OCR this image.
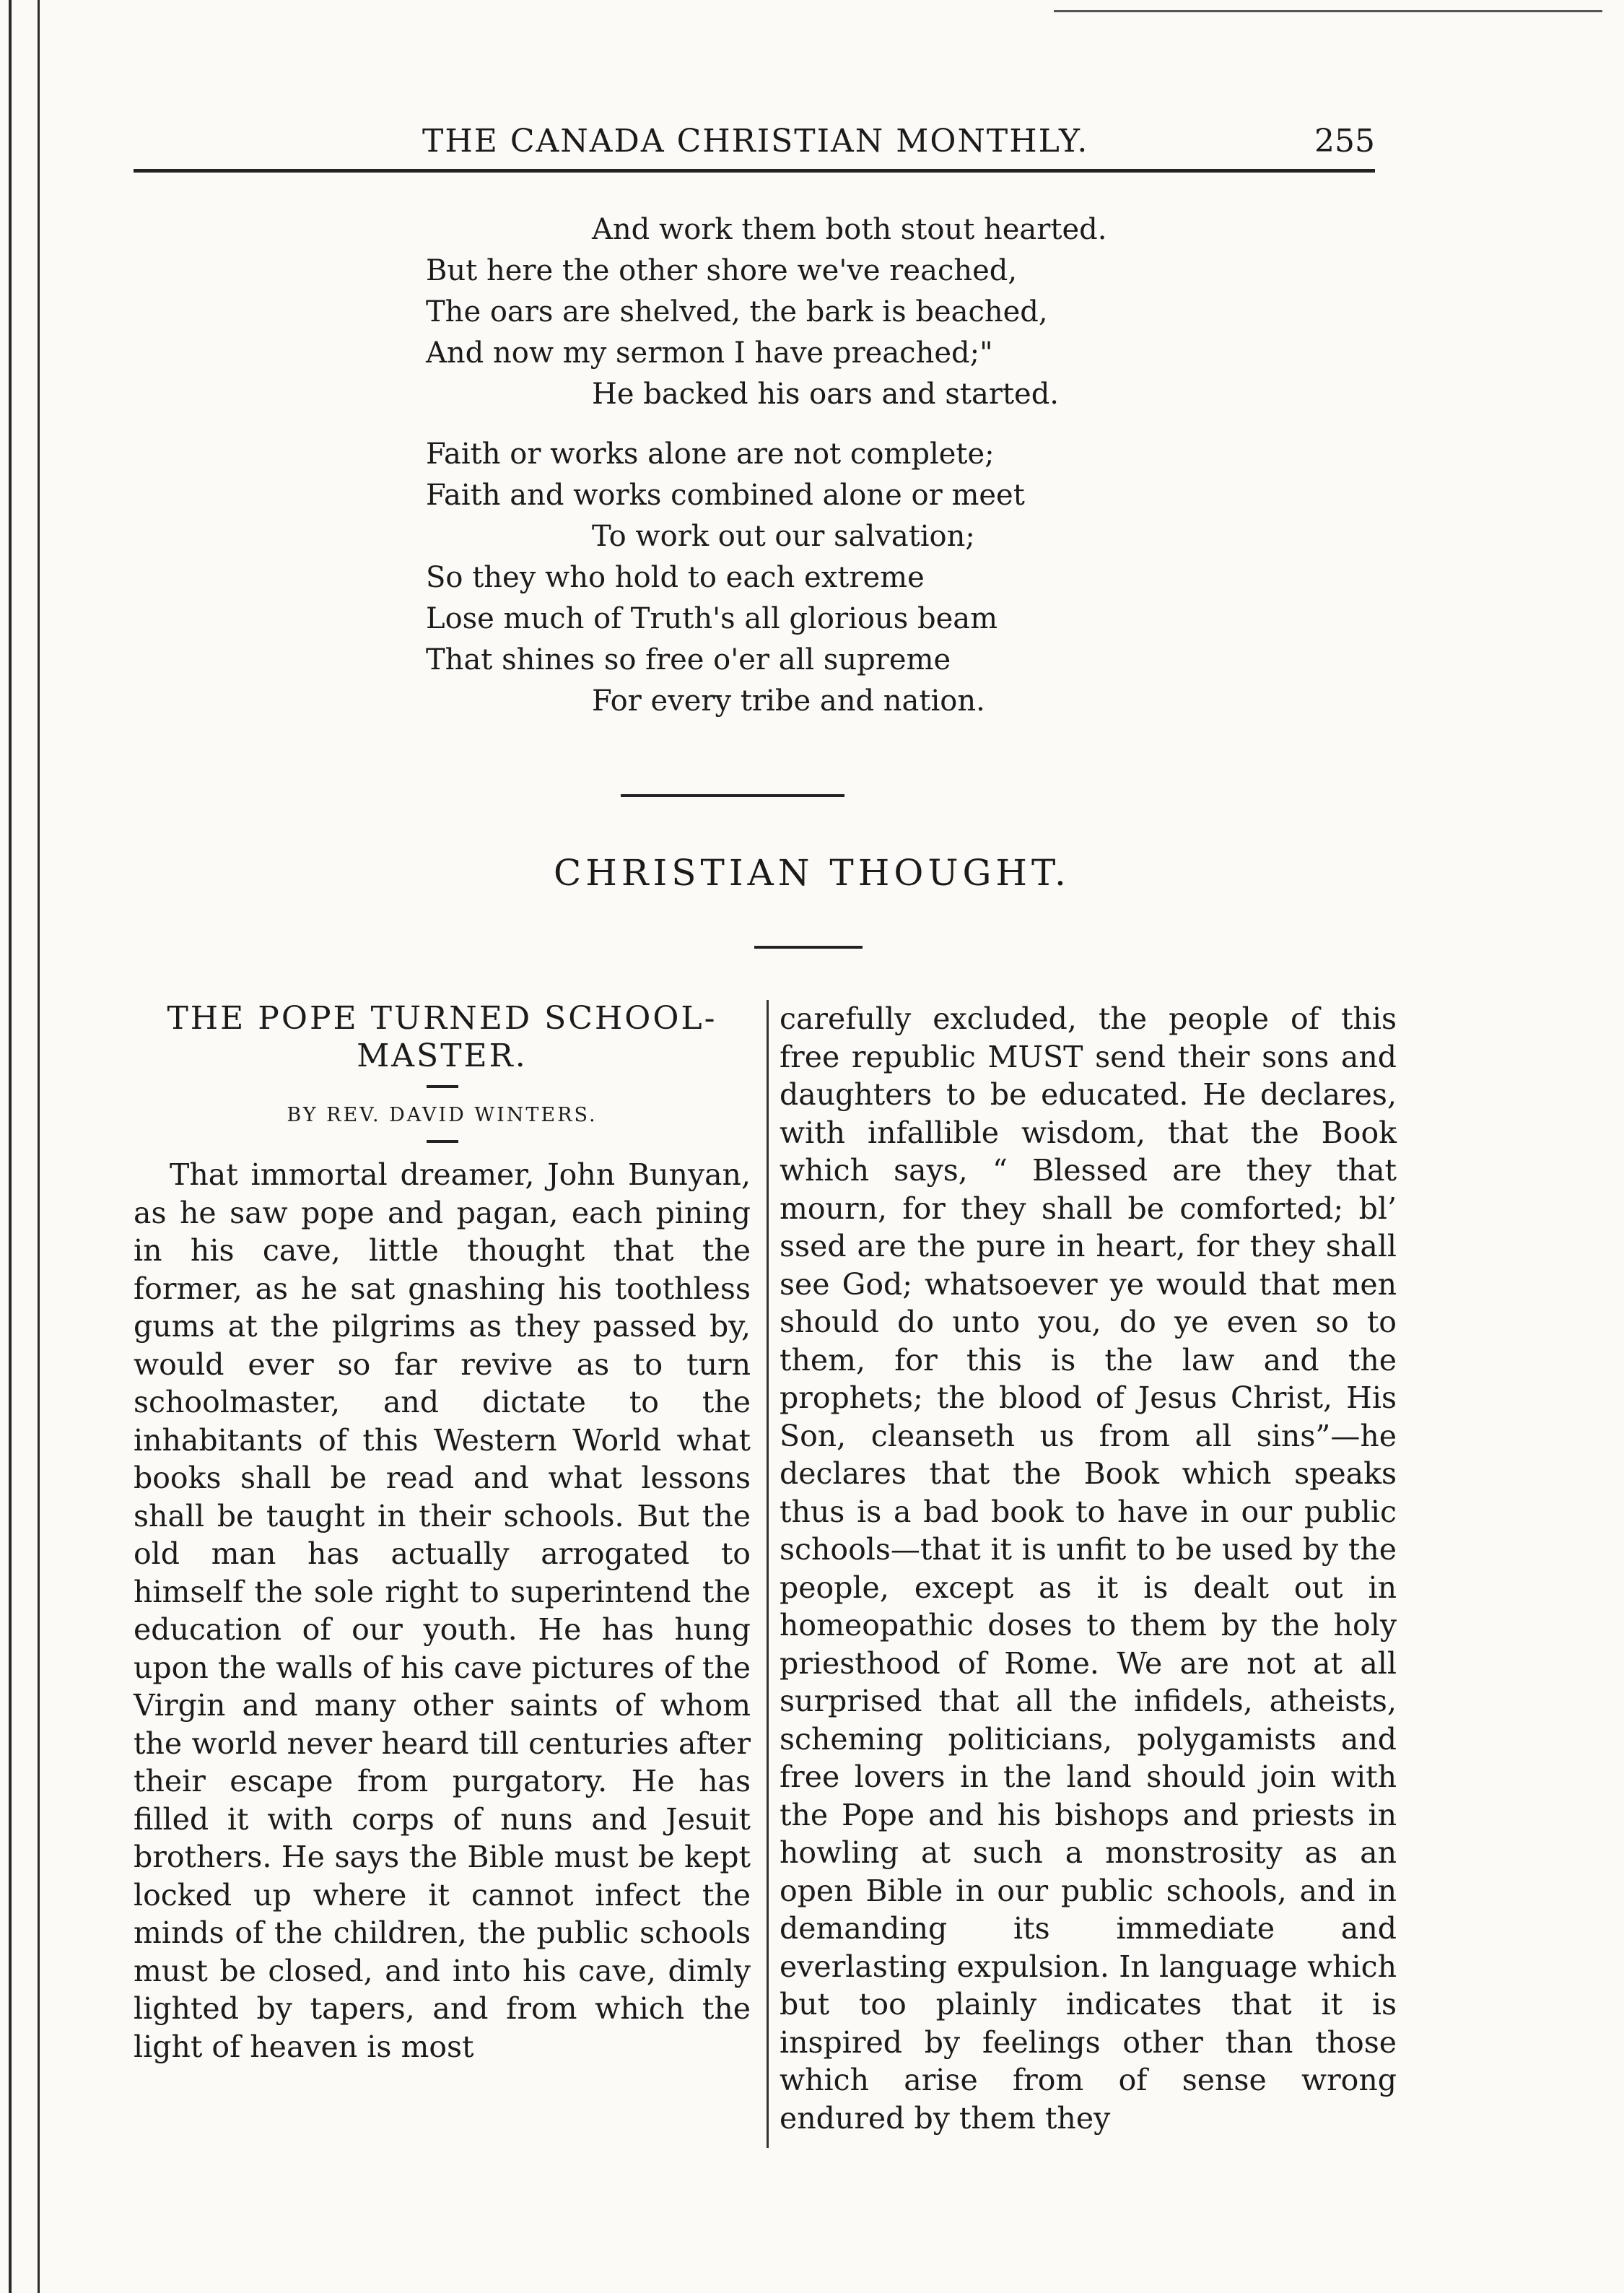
THE CANADA CHRISTIAN MONTHLY.	255
And work them both stout hearted.
But here the other shore we've reached,
The oars are shelved, the bark is beached,
And now my sermon I have preached;"
He backed his oars and started.
Faith or works alone are not complete;
Faith and works combined alone or meet
To work out our salvation;
So they who hold to each extreme
Lose much of Truth's all glorious beam
That shines so free o'er all supreme
For every tribe and nation.
CHRISTIAN THOUGHT.
THE POPE TURNED SCHOOL-MASTER.

BY REV. DAVID WINTERS.

That immortal dreamer, John Bunyan, as he saw pope and pagan, each pining in his cave, little thought that the former, as he sat gnashing his toothless gums at the pilgrims as they passed by, would ever so far revive as to turn schoolmaster, and dictate to the inhabitants of this Western World what books shall be read and what lessons shall be taught in their schools. But the old man has actually arrogated to himself the sole right to superintend the education of our youth. He has hung upon the walls of his cave pictures of the Virgin and many other saints of whom the world never heard till centuries after their escape from purgatory. He has filled it with corps of nuns and Jesuit brothers. He says the Bible must be kept locked up where it cannot infect the minds of the children, the public schools must be closed, and into his cave, dimly lighted by tapers, and from which the light of heaven is most

carefully excluded, the people of this free republic MUST send their sons and daughters to be educated. He declares, with infallible wisdom, that the Book which says, “ Blessed are they that mourn, for they shall be comforted; bl’ ssed are the pure in heart, for they shall see God; whatsoever ye would that men should do unto you, do ye even so to them, for this is the law and the prophets; the blood of Jesus Christ, His Son, cleanseth us from all sins”—he declares that the Book which speaks thus is a bad book to have in our public schools—that it is unfit to be used by the people, except as it is dealt out in homeopathic doses to them by the holy priesthood of Rome. We are not at all surprised that all the infidels, atheists, scheming politicians, polygamists and free lovers in the land should join with the Pope and his bishops and priests in howling at such a monstrosity as an open Bible in our public schools, and in demanding its immediate and everlasting expulsion. In language which but too plainly indicates that it is inspired by feelings other than those which arise from of sense wrong endured by them they
